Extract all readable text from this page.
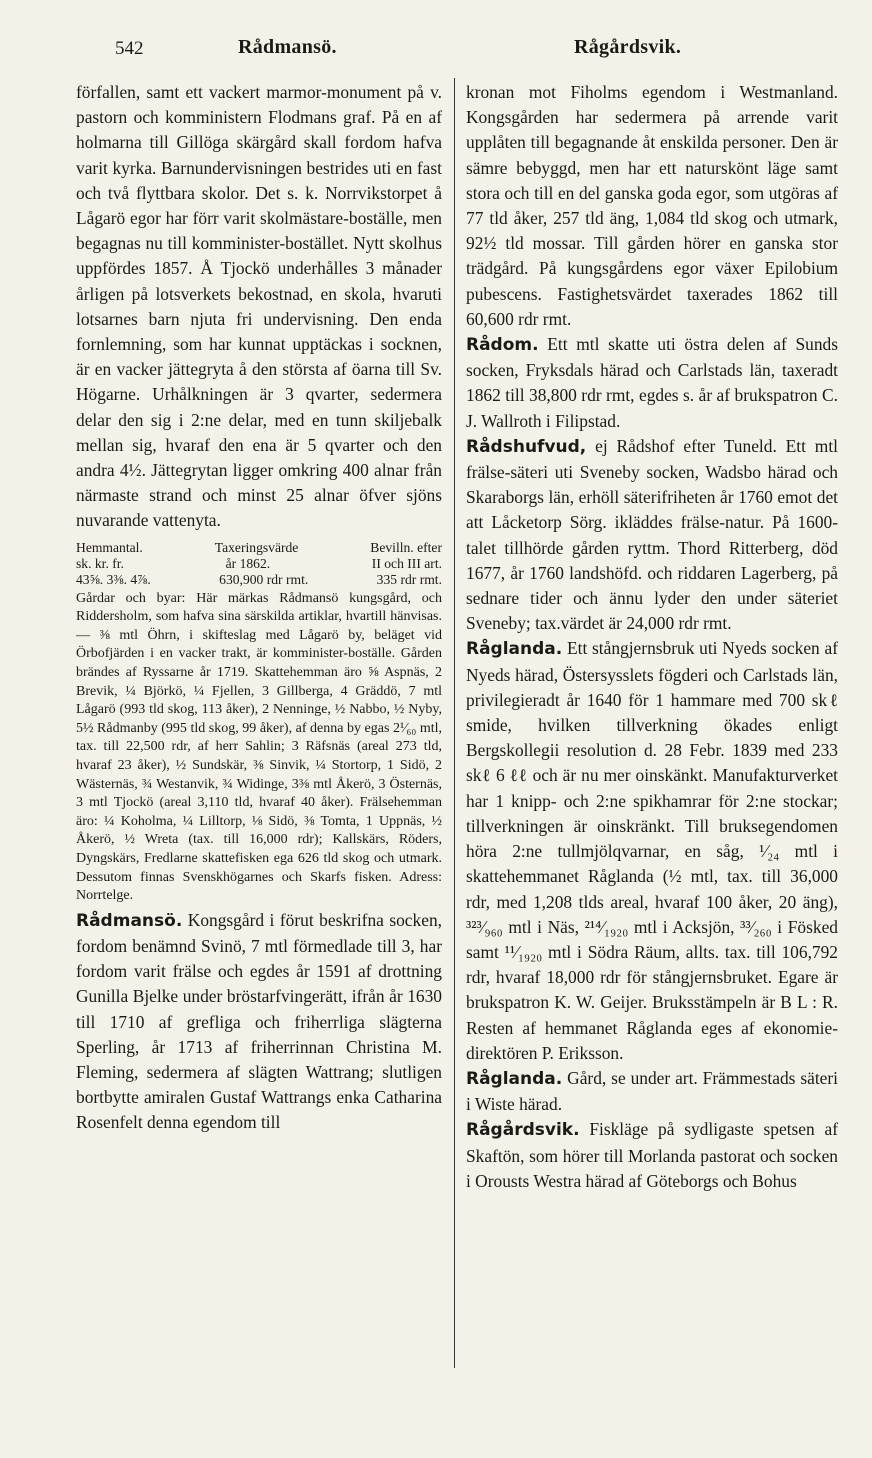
542	Rådmansö.	Rågårdsvik.

förfallen, samt ett vackert marmor-monument på v. pastorn och komministern Flodmans graf. På en af holmarna till Gillöga skärgård skall fordom hafva varit kyrka. Barnundervisningen bestrides uti en fast och två flyttbara skolor. Det s. k. Norrvikstorpet å Lågarö egor har förr varit skolmästare-boställe, men begagnas nu till komminister-bostället. Nytt skolhus uppfördes 1857. Å Tjockö underhålles 3 månader årligen på lotsverkets bekostnad, en skola, hvaruti lotsarnes barn njuta fri undervisning. Den enda fornlemning, som har kunnat upptäckas i socknen, är en vacker jättegryta å den största af öarna till Sv. Högarne. Urhålkningen är 3 qvarter, sedermera delar den sig i 2:ne delar, med en tunn skiljebalk mellan sig, hvaraf den ena är 5 qvarter och den andra 4½. Jättegrytan ligger omkring 400 alnar från närmaste strand och minst 25 alnar öfver sjöns nuvarande vattenyta.

Hemmantal.	Taxeringsvärde	Bevilln. efter
sk. kr. fr.	år 1862.	II och III art.
43⅝. 3⅜. 4⅞.	630,900 rdr rmt.	335 rdr rmt.

Gårdar och byar: Här märkas Rådmansö kungsgård, och Riddersholm, som hafva sina särskilda artiklar, hvartill hänvisas. — ⅜ mtl Öhrn, i skifteslag med Lågarö by, beläget vid Örbofjärden i en vacker trakt, är komminister-boställe. Gården brändes af Ryssarne år 1719. Skattehemman äro ⅝ Aspnäs, 2 Brevik, ¼ Björkö, ¼ Fjellen, 3 Gillberga, 4 Gräddö, 7 mtl Lågarö (993 tld skog, 113 åker), 2 Nenninge, ½ Nabbo, ½ Nyby, 5½ Rådmanby (995 tld skog, 99 åker), af denna by egas 2¹⁄₆₀ mtl, tax. till 22,500 rdr, af herr Sahlin; 3 Räfsnäs (areal 273 tld, hvaraf 23 åker), ½ Sundskär, ⅜ Sinvik, ¼ Stortorp, 1 Sidö, 2 Wästernäs, ¾ Westanvik, ¾ Widinge, 3⅜ mtl Åkerö, 3 Östernäs, 3 mtl Tjockö (areal 3,110 tld, hvaraf 40 åker). Frälsehemman äro: ¼ Koholma, ¼ Lilltorp, ⅛ Sidö, ⅜ Tomta, 1 Uppnäs, ½ Åkerö, ½ Wreta (tax. till 16,000 rdr); Kallskärs, Röders, Dyngskärs, Fredlarne skattefisken ega 626 tld skog och utmark. Dessutom finnas Svenskhögarnes och Skarfs fisken. Adress: Norrtelge.

Rådmansö. Kongsgård i förut beskrifna socken, fordom benämnd Svinö, 7 mtl förmedlade till 3, har fordom varit frälse och egdes år 1591 af drottning Gunilla Bjelke under bröstarfvingerätt, ifrån år 1630 till 1710 af grefliga och friherrliga slägterna Sperling, år 1713 af friherrinnan Christina M. Fleming, sedermera af slägten Wattrang; slutligen bortbytte amiralen Gustaf Wattrangs enka Catharina Rosenfelt denna egendom till

kronan mot Fiholms egendom i Westmanland. Kongsgården har sedermera på arrende varit upplåten till begagnande åt enskilda personer. Den är sämre bebyggd, men har ett naturskönt läge samt stora och till en del ganska goda egor, som utgöras af 77 tld åker, 257 tld äng, 1,084 tld skog och utmark, 92½ tld mossar. Till gården hörer en ganska stor trädgård. På kungsgårdens egor växer Epilobium pubescens. Fastighetsvärdet taxerades 1862 till 60,600 rdr rmt.

Rådom. Ett mtl skatte uti östra delen af Sunds socken, Fryksdals härad och Carlstads län, taxeradt 1862 till 38,800 rdr rmt, egdes s. år af brukspatron C. J. Wallroth i Filipstad.

Rådshufvud, ej Rådshof efter Tuneld. Ett mtl frälse-säteri uti Sveneby socken, Wadsbo härad och Skaraborgs län, erhöll säterifriheten år 1760 emot det att Låcketorp Sörg. ikläddes frälse-natur. På 1600-talet tillhörde gården ryttm. Thord Ritterberg, död 1677, år 1760 landshöfd. och riddaren Lagerberg, på sednare tider och ännu lyder den under säteriet Sveneby; tax.värdet är 24,000 rdr rmt.

Råglanda. Ett stångjernsbruk uti Nyeds socken af Nyeds härad, Östersysslets fögderi och Carlstads län, privilegieradt år 1640 för 1 hammare med 700 skℓ smide, hvilken tillverkning ökades enligt Bergskollegii resolution d. 28 Febr. 1839 med 233 skℓ 6 ℓℓ och är nu mer oinskänkt. Manufakturverket har 1 knipp- och 2:ne spikhamrar för 2:ne stockar; tillverkningen är oinskränkt. Till bruksegendomen höra 2:ne tullmjölqvarnar, en såg, ¹⁄₂₄ mtl i skattehemmanet Råglanda (½ mtl, tax. till 36,000 rdr, med 1,208 tlds areal, hvaraf 100 åker, 20 äng), ³²³⁄₉₆₀ mtl i Näs, ²¹⁴⁄₁₉₂₀ mtl i Acksjön, ³³⁄₂₆₀ i Fösked samt ¹¹⁄₁₉₂₀ mtl i Södra Räum, allts. tax. till 106,792 rdr, hvaraf 18,000 rdr för stångjernsbruket. Egare är brukspatron K. W. Geijer. Bruksstämpeln är B L : R. Resten af hemmanet Råglanda eges af ekonomie-direktören P. Eriksson.

Råglanda. Gård, se under art. Främmestads säteri i Wiste härad.

Rågårdsvik. Fiskläge på sydligaste spetsen af Skaftön, som hörer till Morlanda pastorat och socken i Orousts Westra härad af Göteborgs och Bohus
